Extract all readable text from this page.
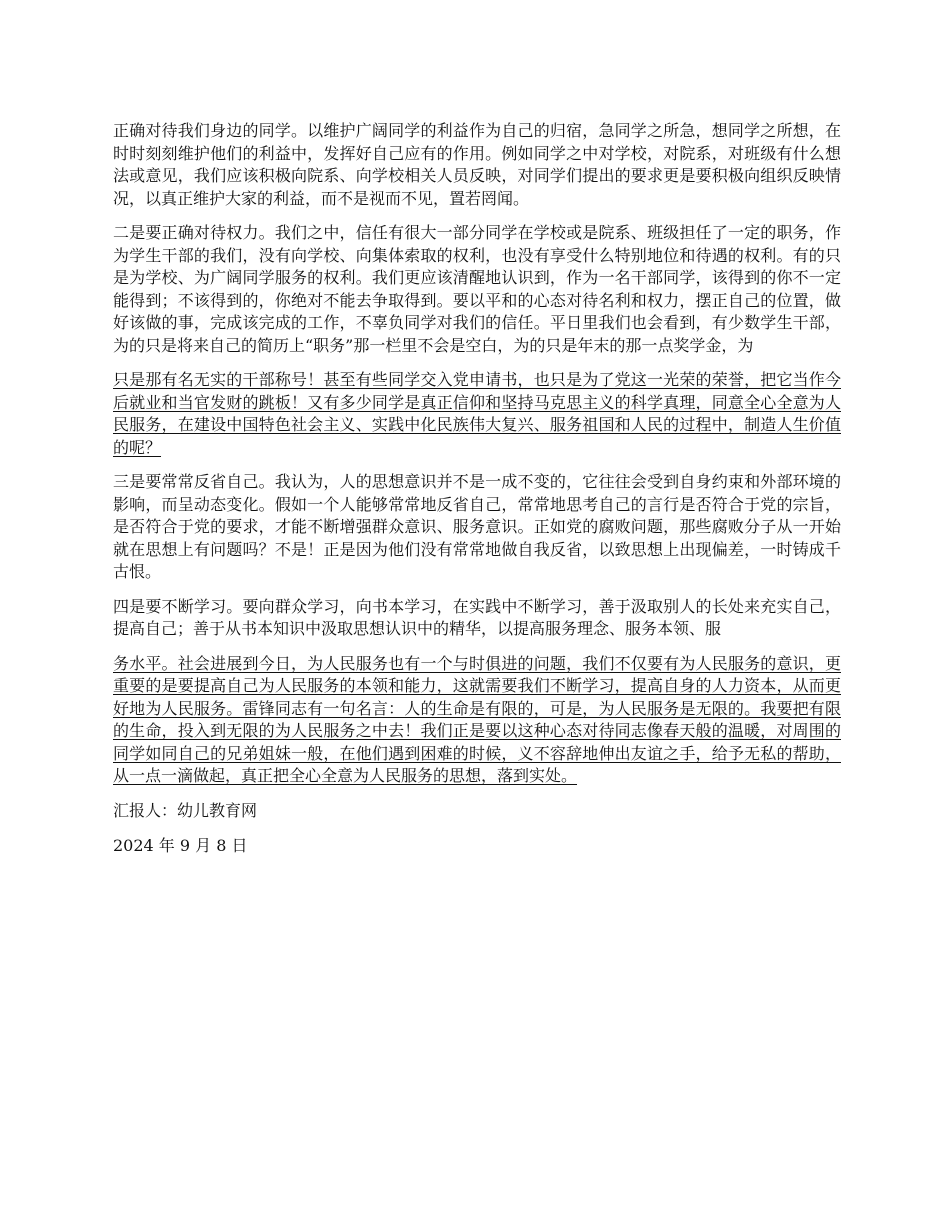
正确对待我们身边的同学。以维护广阔同学的利益作为自己的归宿，急同学之所急，想同学之所想，在时时刻刻维护他们的利益中，发挥好自己应有的作用。例如同学之中对学校，对院系，对班级有什么想法或意见，我们应该积极向院系、向学校相关人员反映，对同学们提出的要求更是要积极向组织反映情况，以真正维护大家的利益，而不是视而不见，置若罔闻。

二是要正确对待权力。我们之中，信任有很大一部分同学在学校或是院系、班级担任了一定的职务，作为学生干部的我们，没有向学校、向集体索取的权利，也没有享受什么特别地位和待遇的权利。有的只是为学校、为广阔同学服务的权利。我们更应该清醒地认识到，作为一名干部同学，该得到的你不一定能得到；不该得到的，你绝对不能去争取得到。要以平和的心态对待名利和权力，摆正自己的位置，做好该做的事，完成该完成的工作，不辜负同学对我们的信任。平日里我们也会看到，有少数学生干部，为的只是将来自己的简历上“职务”那一栏里不会是空白，为的只是年末的那一点奖学金，为

只是那有名无实的干部称号！甚至有些同学交入党申请书，也只是为了党这一光荣的荣誉，把它当作今后就业和当官发财的跳板！又有多少同学是真正信仰和坚持马克思主义的科学真理，同意全心全意为人民服务，在建设中国特色社会主义、实践中化民族伟大复兴、服务祖国和人民的过程中，制造人生价值的呢？

三是要常常反省自己。我认为，人的思想意识并不是一成不变的，它往往会受到自身约束和外部环境的影响，而呈动态变化。假如一个人能够常常地反省自己，常常地思考自己的言行是否符合于党的宗旨，是否符合于党的要求，才能不断增强群众意识、服务意识。正如党的腐败问题，那些腐败分子从一开始就在思想上有问题吗？不是！正是因为他们没有常常地做自我反省，以致思想上出现偏差，一时铸成千古恨。

四是要不断学习。要向群众学习，向书本学习，在实践中不断学习，善于汲取别人的长处来充实自己，提高自己；善于从书本知识中汲取思想认识中的精华，以提高服务理念、服务本领、服

务水平。社会进展到今日，为人民服务也有一个与时俱进的问题，我们不仅要有为人民服务的意识，更重要的是要提高自己为人民服务的本领和能力，这就需要我们不断学习，提高自身的人力资本，从而更好地为人民服务。雷锋同志有一句名言：人的生命是有限的，可是，为人民服务是无限的。我要把有限的生命，投入到无限的为人民服务之中去！我们正是要以这种心态对待同志像春天般的温暖，对周围的同学如同自己的兄弟姐妹一般，在他们遇到困难的时候，义不容辞地伸出友谊之手，给予无私的帮助，从一点一滴做起，真正把全心全意为人民服务的思想，落到实处。

汇报人：幼儿教育网

2024 年 9 月 8 日
